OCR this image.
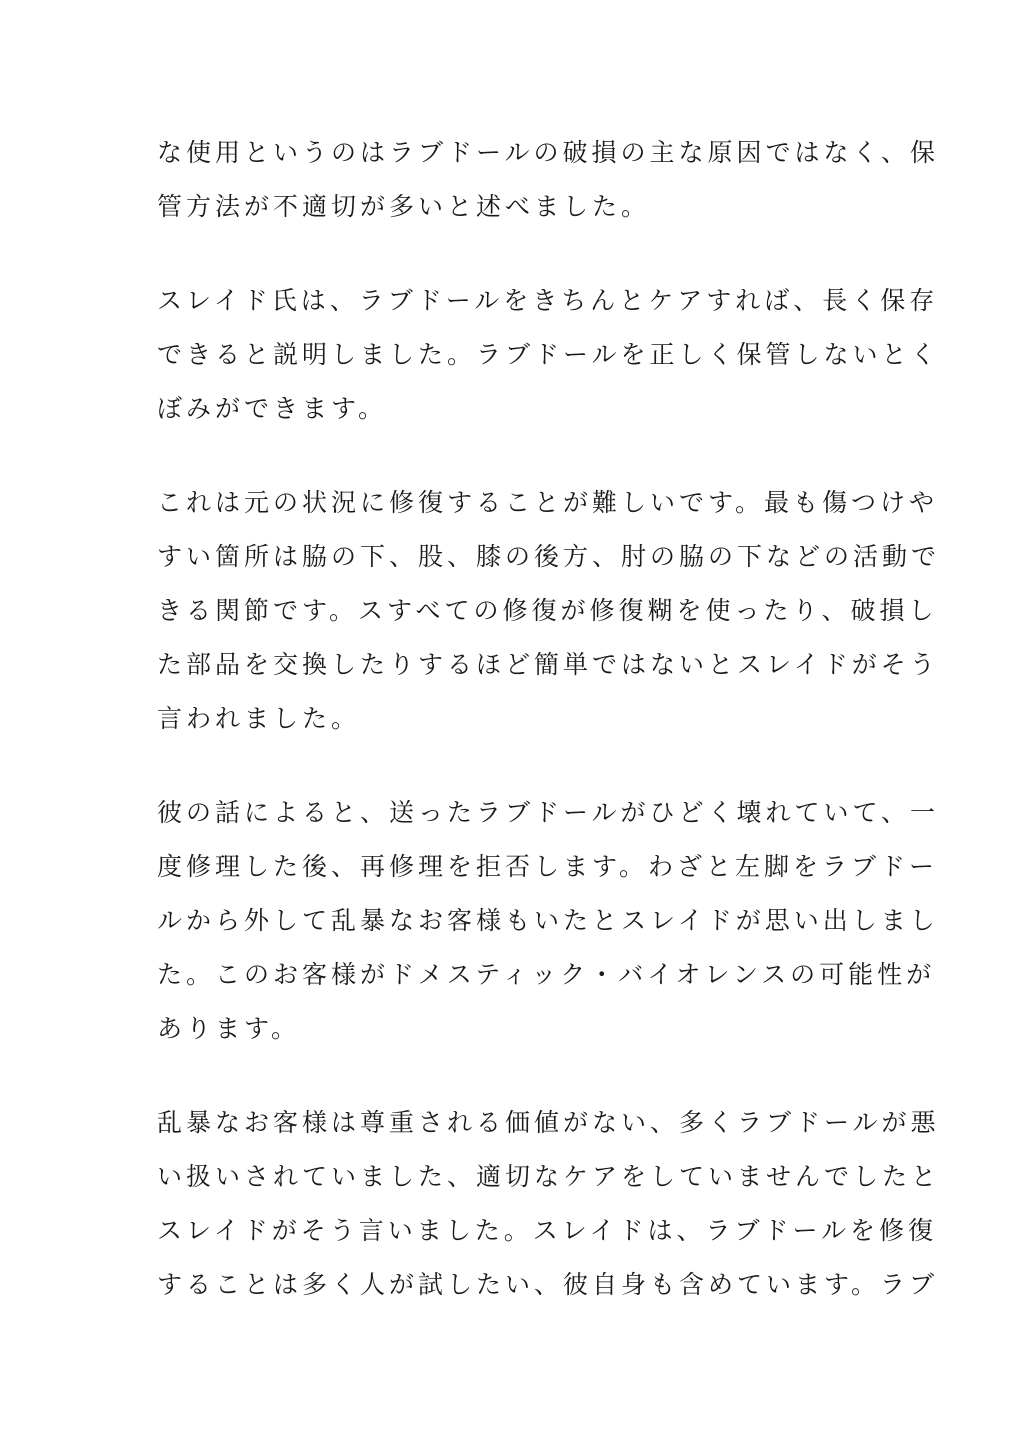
な使用というのはラブドールの破損の主な原因ではなく、保
管方法が不適切が多いと述べました。
スレイド氏は、ラブドールをきちんとケアすれば、長く保存
できると説明しました。ラブドールを正しく保管しないとく
ぼみができます。
これは元の状況に修復することが難しいです。最も傷つけや
すい箇所は脇の下、股、膝の後方、肘の脇の下などの活動で
きる関節です。スすべての修復が修復糊を使ったり、破損し
た部品を交換したりするほど簡単ではないとスレイドがそう
言われました。
彼の話によると、送ったラブドールがひどく壊れていて、一
度修理した後、再修理を拒否します。わざと左脚をラブドー
ルから外して乱暴なお客様もいたとスレイドが思い出しまし
た。このお客様がドメスティック・バイオレンスの可能性が
あります。
乱暴なお客様は尊重される価値がない、多くラブドールが悪
い扱いされていました、適切なケアをしていませんでしたと
スレイドがそう言いました。スレイドは、ラブドールを修復
することは多く人が試したい、彼自身も含めています。ラブ
